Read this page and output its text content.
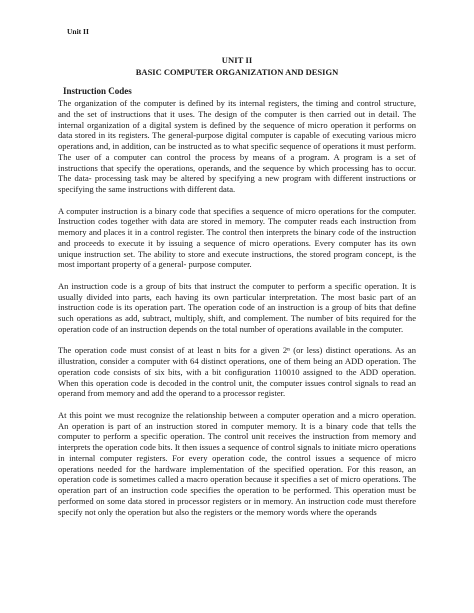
Unit II
UNIT II
BASIC COMPUTER ORGANIZATION AND DESIGN
Instruction Codes

The organization of the computer is defined by its internal registers, the timing and control structure, and the set of instructions that it uses. The design of the computer is then carried out in detail. The internal organization of a digital system is defined by the sequence of micro operation it performs on data stored in its registers. The general-purpose digital computer is capable of executing various micro operations and, in addition, can be instructed as to what specific sequence of operations it must perform. The user of a computer can control the process by means of a program. A program is a set of instructions that specify the operations, operands, and the sequence by which processing has to occur. The data- processing task may be altered by specifying a new program with different instructions or specifying the same instructions with different data.

A computer instruction is a binary code that specifies a sequence of micro operations for the computer. Instruction codes together with data are stored in memory. The computer reads each instruction from memory and places it in a control register. The control then interprets the binary code of the instruction and proceeds to execute it by issuing a sequence of micro operations. Every computer has its own unique instruction set. The ability to store and execute instructions, the stored program concept, is the most important property of a general- purpose computer.

An instruction code is a group of bits that instruct the computer to perform a specific operation. It is usually divided into parts, each having its own particular interpretation. The most basic part of an instruction code is its operation part. The operation code of an instruction is a group of bits that define such operations as add, subtract, multiply, shift, and complement. The number of bits required for the operation code of an instruction depends on the total number of operations available in the computer.

The operation code must consist of at least n bits for a given 2ⁿ (or less) distinct operations. As an illustration, consider a computer with 64 distinct operations, one of them being an ADD operation. The operation code consists of six bits, with a bit configuration 110010 assigned to the ADD operation. When this operation code is decoded in the control unit, the computer issues control signals to read an operand from memory and add the operand to a processor register.

At this point we must recognize the relationship between a computer operation and a micro operation. An operation is part of an instruction stored in computer memory. It is a binary code that tells the computer to perform a specific operation. The control unit receives the instruction from memory and interprets the operation code bits. It then issues a sequence of control signals to initiate micro operations in internal computer registers. For every operation code, the control issues a sequence of micro operations needed for the hardware implementation of the specified operation. For this reason, an operation code is sometimes called a macro operation because it specifies a set of micro operations. The operation part of an instruction code specifies the operation to be performed. This operation must be performed on some data stored in processor registers or in memory. An instruction code must therefore specify not only the operation but also the registers or the memory words where the operands
